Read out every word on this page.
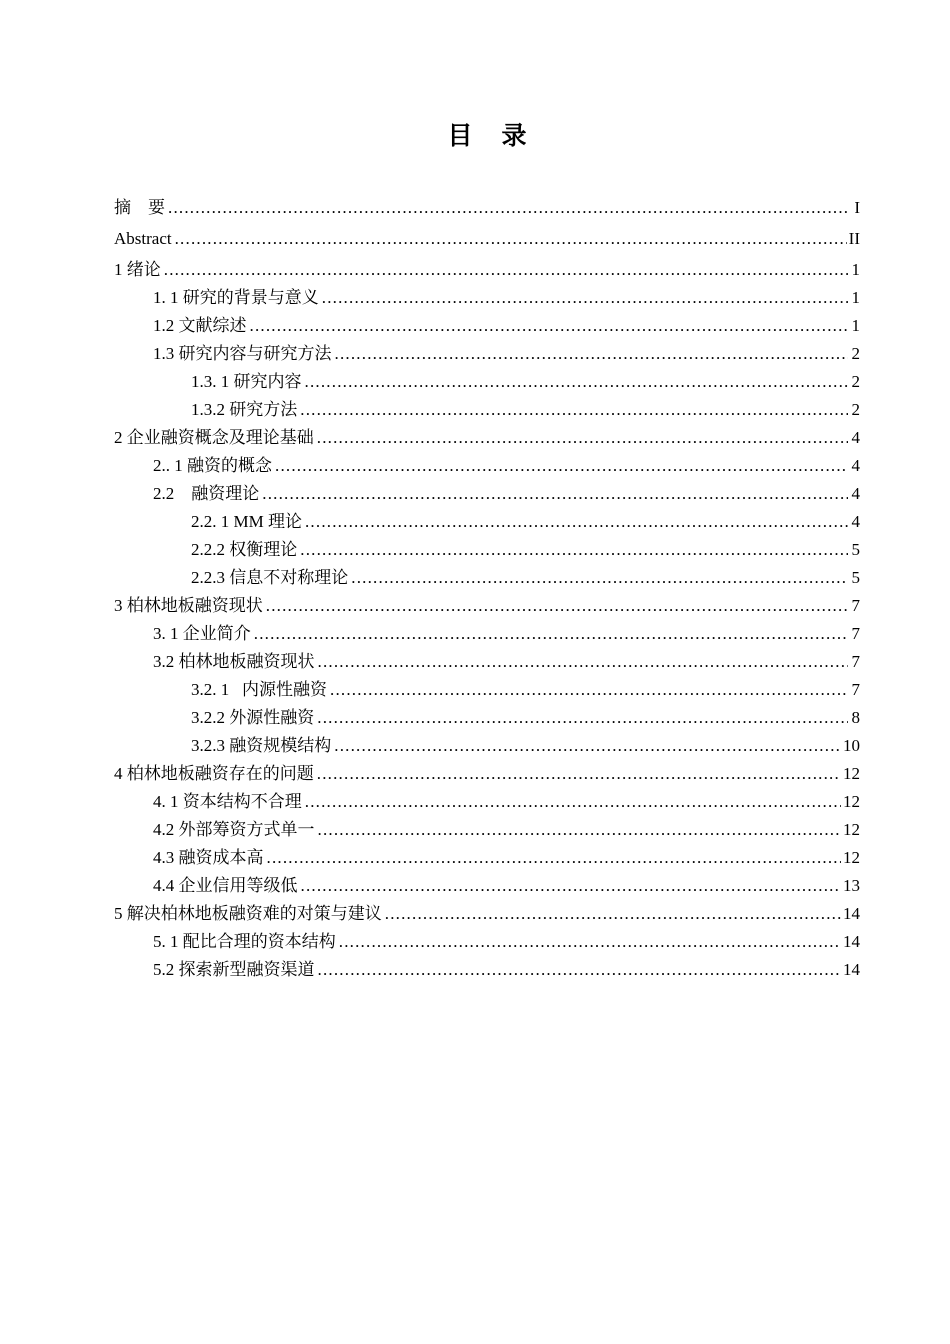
目　录
摘　要 .....	I
Abstract .....	II
1 绪论 .....	1
1. 1 研究的背景与意义 .....	1
1.2 文献综述 .....	1
1.3 研究内容与研究方法 .....	2
1.3. 1 研究内容 .....	2
1.3.2 研究方法 .....	2
2 企业融资概念及理论基础 .....	4
2.. 1 融资的概念 .....	4
2.2    融资理论 .....	4
2.2. 1 MM 理论 .....	4
2.2.2 权衡理论 .....	5
2.2.3 信息不对称理论 .....	5
3 柏林地板融资现状 .....	7
3. 1 企业简介 .....	7
3.2 柏林地板融资现状 .....	7
3.2. 1   内源性融资 .....	7
3.2.2 外源性融资 .....	8
3.2.3 融资规模结构 .....	10
4 柏林地板融资存在的问题 .....	12
4. 1 资本结构不合理 .....	12
4.2 外部筹资方式单一 .....	12
4.3 融资成本高 .....	12
4.4 企业信用等级低 .....	13
5 解决柏林地板融资难的对策与建议 .....	14
5. 1 配比合理的资本结构 .....	14
5.2 探索新型融资渠道 .....	14
